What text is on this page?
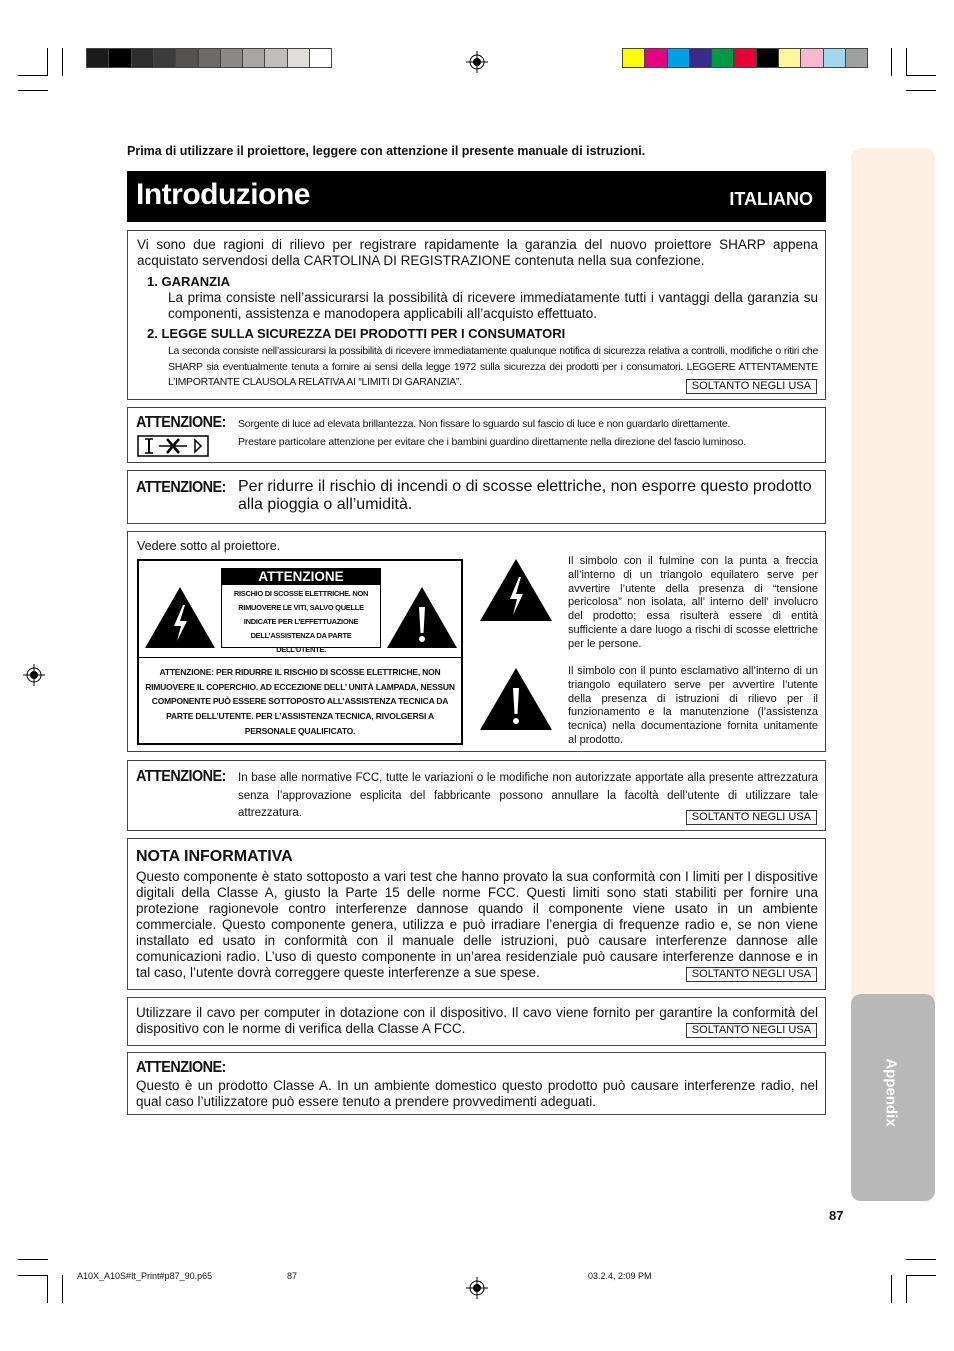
Appendix
Prima di utilizzare il proiettore, leggere con attenzione il presente manuale di istruzioni.
Introduzione	ITALIANO
Vi sono due ragioni di rilievo per registrare rapidamente la garanzia del nuovo proiettore SHARP appena acquistato servendosi della CARTOLINA DI REGISTRAZIONE contenuta nella sua confezione.
1. GARANZIA
La prima consiste nell’assicurarsi la possibilità di ricevere immediatamente tutti i vantaggi della garanzia su componenti, assistenza e manodopera applicabili all’acquisto effettuato.
2. LEGGE SULLA SICUREZZA DEI PRODOTTI PER I CONSUMATORI
La seconda consiste nell’assicurarsi la possibilità di ricevere immediatamente qualunque notifica di sicurezza relativa a controlli, modifiche o ritiri che SHARP sia eventualmente tenuta a fornire ai sensi della legge 1972 sulla sicurezza dei prodotti per i consumatori. LEGGERE ATTENTAMENTE L’IMPORTANTE CLAUSOLA RELATIVA AI “LIMITI DI GARANZIA”.	SOLTANTO NEGLI USA
ATTENZIONE: Sorgente di luce ad elevata brillantezza. Non fissare lo sguardo sul fascio di luce e non guardarlo direttamente.
Prestare particolare attenzione per evitare che i bambini guardino direttamente nella direzione del fascio luminoso.
ATTENZIONE: Per ridurre il rischio di incendi o di scosse elettriche, non esporre questo prodotto alla pioggia o all’umidità.
Vedere sotto al proiettore.
ATTENZIONE
RISCHIO DI SCOSSE ELETTRICHE. NON RIMUOVERE LE VITI, SALVO QUELLE INDICATE PER L’EFFETTUAZIONE DELL’ASSISTENZA DA PARTE DELL’UTENTE.
ATTENZIONE: PER RIDURRE IL RISCHIO DI SCOSSE ELETTRICHE, NON RIMUOVERE IL COPERCHIO. AD ECCEZIONE DELL’ UNITÀ LAMPADA, NESSUN COMPONENTE PUÒ ESSERE SOTTOPOSTO ALL’ASSISTENZA TECNICA DA PARTE DELL’UTENTE. PER L’ASSISTENZA TECNICA, RIVOLGERSI A PERSONALE QUALIFICATO.
Il simbolo con il fulmine con la punta a freccia all’interno di un triangolo equilatero serve per avvertire l’utente della presenza di “tensione pericolosa” non isolata, all’ interno dell’ involucro del prodotto; essa risulterà essere di entità sufficiente a dare luogo a rischi di scosse elettriche per le persone.
Il simbolo con il punto esclamativo all’interno di un triangolo equilatero serve per avvertire l’utente della presenza di istruzioni di rilievo per il funzionamento e la manutenzione (l’assistenza tecnica) nella documentazione fornita unitamente al prodotto.
ATTENZIONE: In base alle normative FCC, tutte le variazioni o le modifiche non autorizzate apportate alla presente attrezzatura senza l’approvazione esplicita del fabbricante possono annullare la facoltà dell’utente di utilizzare tale attrezzatura.	SOLTANTO NEGLI USA
NOTA INFORMATIVA
Questo componente è stato sottoposto a vari test che hanno provato la sua conformità con I limiti per I dispositive digitali della Classe A, giusto la Parte 15 delle norme FCC. Questi limiti sono stati stabiliti per fornire una protezione ragionevole contro interferenze dannose quando il componente viene usato in un ambiente commerciale. Questo componente genera, utilizza e può irradiare l’energia di frequenze radio e, se non viene installato ed usato in conformità con il manuale delle istruzioni, può causare interferenze dannose alle comunicazioni radio. L’uso di questo componente in un’area residenziale può causare interferenze dannose e in tal caso, l’utente dovrà correggere queste interferenze a sue spese.	SOLTANTO NEGLI USA
Utilizzare il cavo per computer in dotazione con il dispositivo. Il cavo viene fornito per garantire la conformità del dispositivo con le norme di verifica della Classe A FCC.	SOLTANTO NEGLI USA
ATTENZIONE:
Questo è un prodotto Classe A. In un ambiente domestico questo prodotto può causare interferenze radio, nel qual caso l’utilizzatore può essere tenuto a prendere provvedimenti adeguati.
87
A10X_A10S#It_Print#p87_90.p65	87	03.2.4, 2:09 PM
